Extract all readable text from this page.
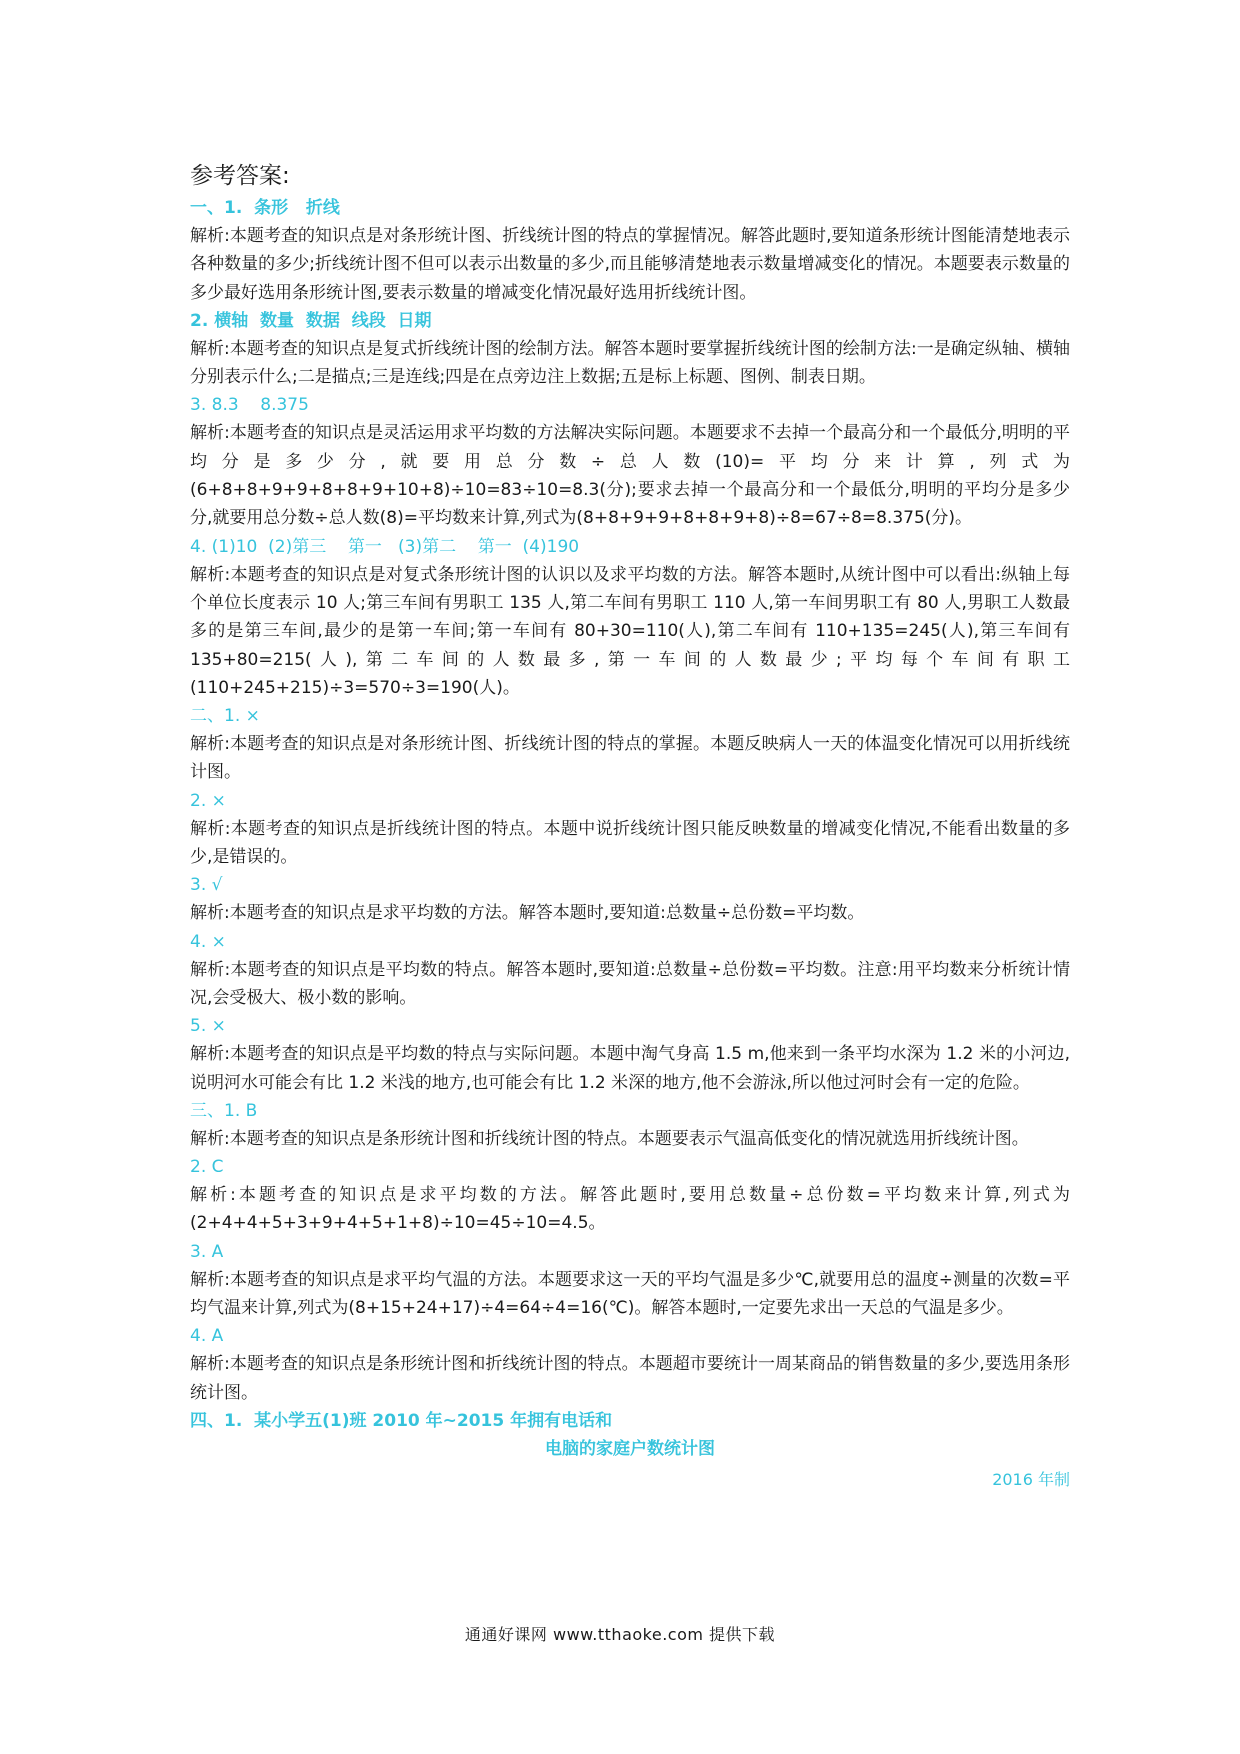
参考答案:
一、1.  条形   折线
解析:本题考查的知识点是对条形统计图、折线统计图的特点的掌握情况。解答此题时,要知道条形统计图能清楚地表示各种数量的多少;折线统计图不但可以表示出数量的多少,而且能够清楚地表示数量增减变化的情况。本题要表示数量的多少最好选用条形统计图,要表示数量的增减变化情况最好选用折线统计图。
2. 横轴  数量  数据  线段  日期
解析:本题考查的知识点是复式折线统计图的绘制方法。解答本题时要掌握折线统计图的绘制方法:一是确定纵轴、横轴分别表示什么;二是描点;三是连线;四是在点旁边注上数据;五是标上标题、图例、制表日期。
3. 8.3    8.375
解析:本题考查的知识点是灵活运用求平均数的方法解决实际问题。本题要求不去掉一个最高分和一个最低分,明明的平均分是多少分,就要用总分数÷总人数(10)=平均分来计算,列式为(6+8+8+9+9+8+8+9+10+8)÷10=83÷10=8.3(分);要求去掉一个最高分和一个最低分,明明的平均分是多少分,就要用总分数÷总人数(8)=平均数来计算,列式为(8+8+9+9+8+8+9+8)÷8=67÷8=8.375(分)。
4. (1)10  (2)第三    第一   (3)第二    第一  (4)190
解析:本题考查的知识点是对复式条形统计图的认识以及求平均数的方法。解答本题时,从统计图中可以看出:纵轴上每个单位长度表示 10 人;第三车间有男职工 135 人,第二车间有男职工 110 人,第一车间男职工有 80 人,男职工人数最多的是第三车间,最少的是第一车间;第一车间有 80+30=110(人),第二车间有 110+135=245(人),第三车间有 135+80=215(人),第二车间的人数最多,第一车间的人数最少;平均每个车间有职工(110+245+215)÷3=570÷3=190(人)。
二、1. ×
解析:本题考查的知识点是对条形统计图、折线统计图的特点的掌握。本题反映病人一天的体温变化情况可以用折线统计图。
2. ×
解析:本题考查的知识点是折线统计图的特点。本题中说折线统计图只能反映数量的增减变化情况,不能看出数量的多少,是错误的。
3. √
解析:本题考查的知识点是求平均数的方法。解答本题时,要知道:总数量÷总份数=平均数。
4. ×
解析:本题考查的知识点是平均数的特点。解答本题时,要知道:总数量÷总份数=平均数。注意:用平均数来分析统计情况,会受极大、极小数的影响。
5. ×
解析:本题考查的知识点是平均数的特点与实际问题。本题中淘气身高 1.5 m,他来到一条平均水深为 1.2 米的小河边,说明河水可能会有比 1.2 米浅的地方,也可能会有比 1.2 米深的地方,他不会游泳,所以他过河时会有一定的危险。
三、1. B
解析:本题考查的知识点是条形统计图和折线统计图的特点。本题要表示气温高低变化的情况就选用折线统计图。
2. C
解析:本题考查的知识点是求平均数的方法。解答此题时,要用总数量÷总份数=平均数来计算,列式为(2+4+4+5+3+9+4+5+1+8)÷10=45÷10=4.5。
3. A
解析:本题考查的知识点是求平均气温的方法。本题要求这一天的平均气温是多少℃,就要用总的温度÷测量的次数=平均气温来计算,列式为(8+15+24+17)÷4=64÷4=16(℃)。解答本题时,一定要先求出一天总的气温是多少。
4. A
解析:本题考查的知识点是条形统计图和折线统计图的特点。本题超市要统计一周某商品的销售数量的多少,要选用条形统计图。
四、1.  某小学五(1)班 2010 年~2015 年拥有电话和
电脑的家庭户数统计图
2016 年制
通通好课网 www.tthaoke.com 提供下载
